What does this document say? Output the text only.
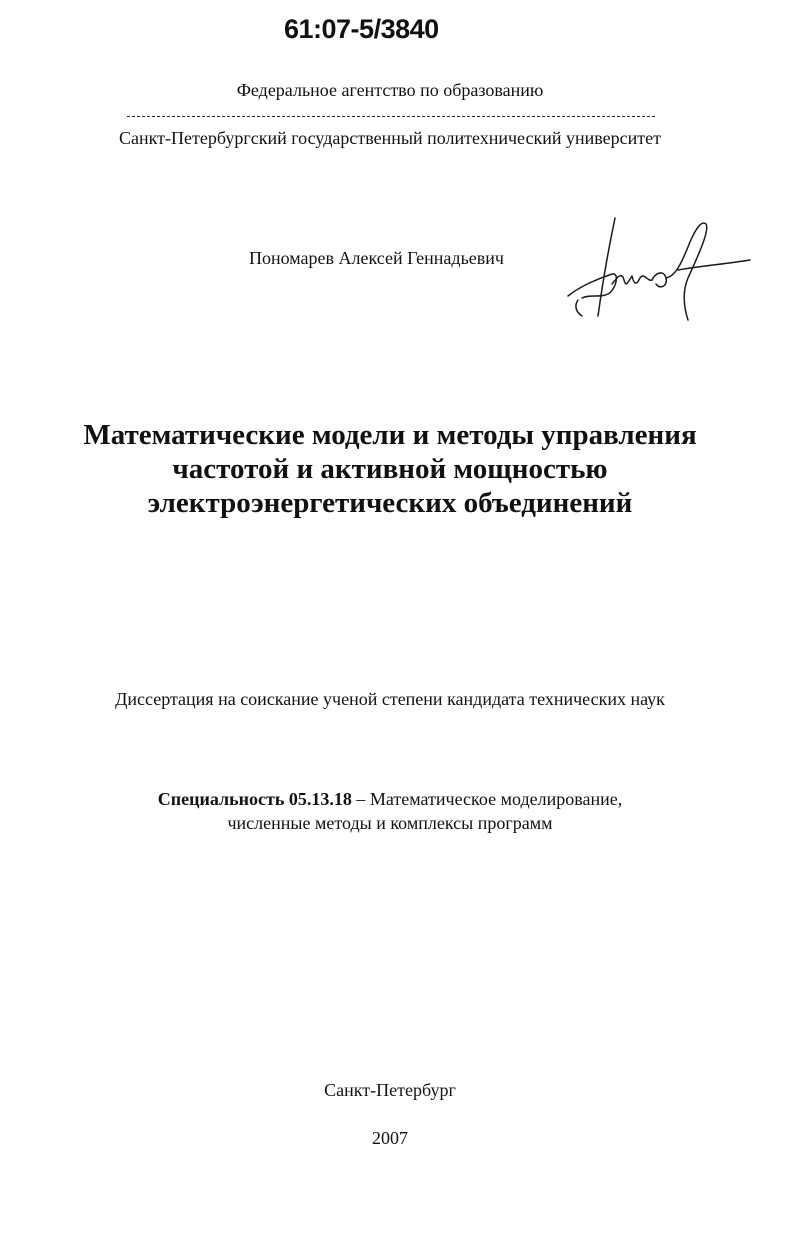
61:07-5/3840
Федеральное агентство по образованию
Санкт-Петербургский государственный политехнический университет
Пономарев Алексей Геннадьевич
Математические модели и методы управления
частотой и активной мощностью
электроэнергетических объединений
Диссертация на соискание ученой степени кандидата технических наук
Специальность 05.13.18 – Математическое моделирование,
численные методы и комплексы программ
Санкт-Петербург
2007
